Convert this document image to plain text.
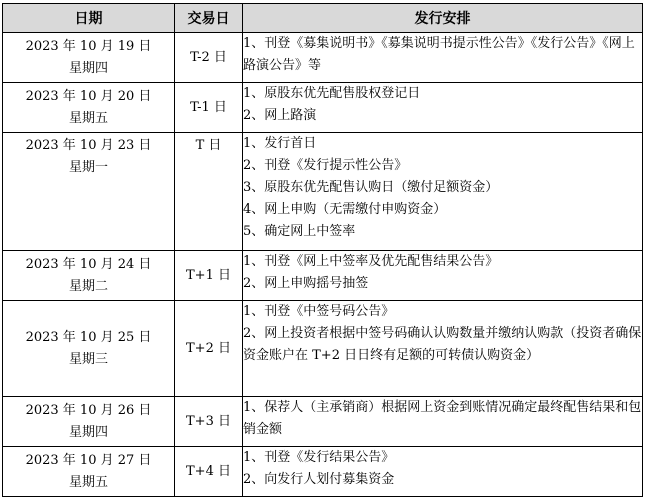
日期	交易日	发行安排

2023 年 10 月 19 日
星期四	T-2 日	1、刊登《募集说明书》《募集说明书提示性公告》《发行公告》《网上路演公告》等

2023 年 10 月 20 日
星期五	T-1 日	1、原股东优先配售股权登记日
2、网上路演

2023 年 10 月 23 日
星期一	T 日	1、发行首日
2、刊登《发行提示性公告》
3、原股东优先配售认购日（缴付足额资金）
4、网上申购（无需缴付申购资金）
5、确定网上中签率

2023 年 10 月 24 日
星期二	T+1 日	1、刊登《网上中签率及优先配售结果公告》
2、网上申购摇号抽签

2023 年 10 月 25 日
星期三	T+2 日	1、刊登《中签号码公告》
2、网上投资者根据中签号码确认认购数量并缴纳认购款（投资者确保资金账户在 T+2 日日终有足额的可转债认购资金）

2023 年 10 月 26 日
星期四	T+3 日	1、保荐人（主承销商）根据网上资金到账情况确定最终配售结果和包销金额

2023 年 10 月 27 日
星期五	T+4 日	1、刊登《发行结果公告》
2、向发行人划付募集资金
